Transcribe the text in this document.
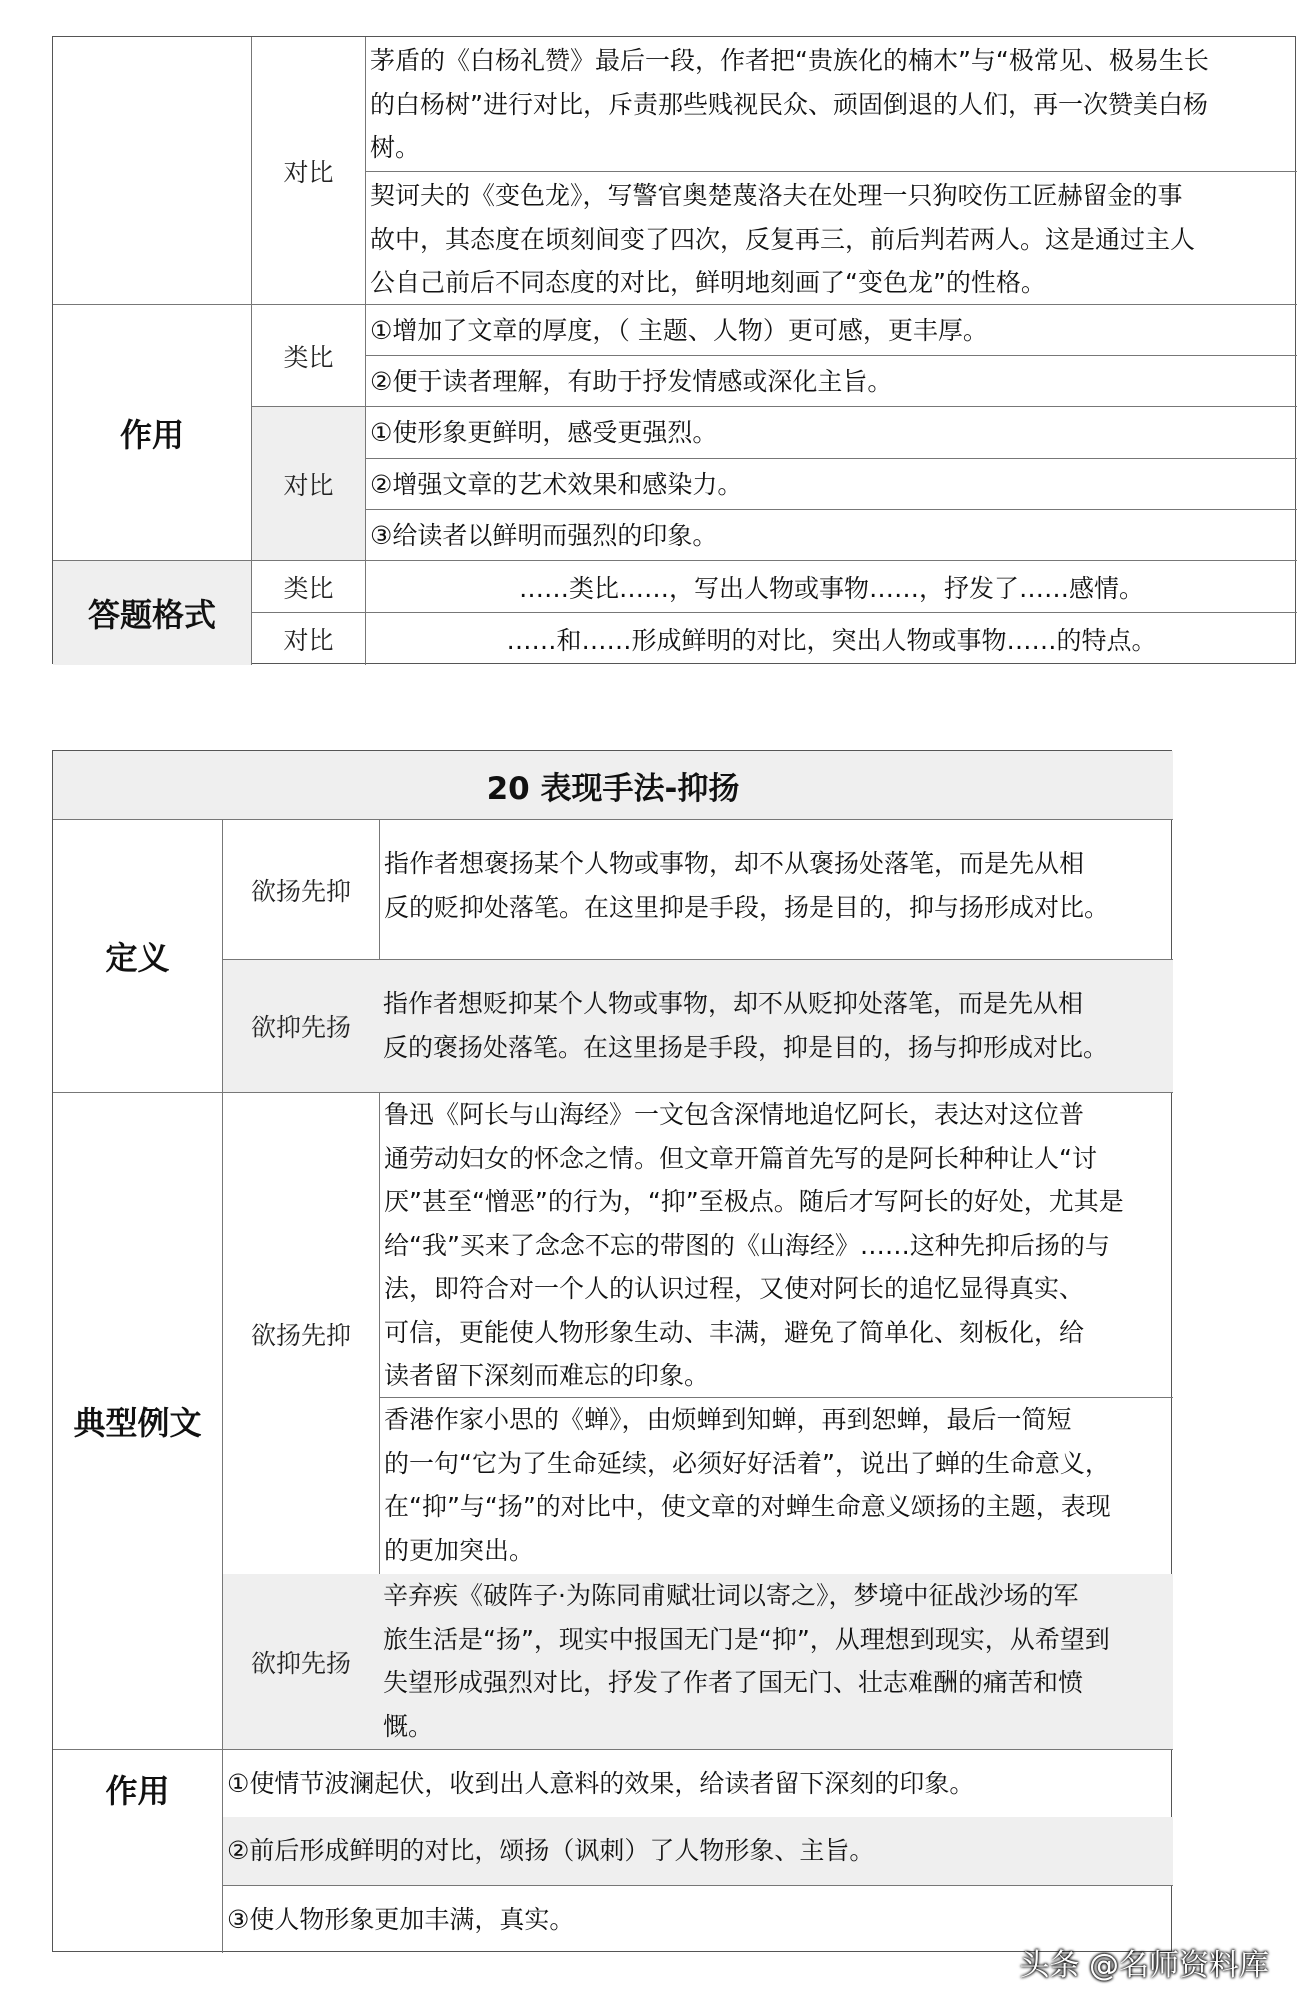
作用
答题格式
对比
类比
对比
类比
对比
茅盾的《白杨礼赞》最后一段，作者把“贵族化的楠木”与“极常见、极易生长
的白杨树”进行对比，斥责那些贱视民众、顽固倒退的人们，再一次赞美白杨
树。
契诃夫的《变色龙》，写警官奥楚蔑洛夫在处理一只狗咬伤工匠赫留金的事
故中，其态度在顷刻间变了四次，反复再三，前后判若两人。这是通过主人
公自己前后不同态度的对比，鲜明地刻画了“变色龙”的性格。
①增加了文章的厚度，（ 主题、人物）更可感，更丰厚。
②便于读者理解，有助于抒发情感或深化主旨。
①使形象更鲜明，感受更强烈。
②增强文章的艺术效果和感染力。
③给读者以鲜明而强烈的印象。
……类比……，写出人物或事物……，抒发了……感情。
……和……形成鲜明的对比，突出人物或事物……的特点。
20 表现手法-抑扬
定义
典型例文
作用
欲扬先抑
欲抑先扬
欲扬先抑
欲抑先扬
指作者想褒扬某个人物或事物，却不从褒扬处落笔，而是先从相
反的贬抑处落笔。在这里抑是手段，扬是目的，抑与扬形成对比。
指作者想贬抑某个人物或事物，却不从贬抑处落笔，而是先从相
反的褒扬处落笔。在这里扬是手段，抑是目的，扬与抑形成对比。
鲁迅《阿长与山海经》一文包含深情地追忆阿长，表达对这位普
通劳动妇女的怀念之情。但文章开篇首先写的是阿长种种让人“讨
厌”甚至“憎恶”的行为，“抑”至极点。随后才写阿长的好处，尤其是
给“我”买来了念念不忘的带图的《山海经》……这种先抑后扬的与
法，即符合对一个人的认识过程，又使对阿长的追忆显得真实、
可信，更能使人物形象生动、丰满，避免了简单化、刻板化，给
读者留下深刻而难忘的印象。
香港作家小思的《蝉》，由烦蝉到知蝉，再到恕蝉，最后一简短
的一句“它为了生命延续，必须好好活着”，说出了蝉的生命意义，
在“抑”与“扬”的对比中，使文章的对蝉生命意义颂扬的主题，表现
的更加突出。
辛弃疾《破阵子·为陈同甫赋壮词以寄之》，梦境中征战沙场的军
旅生活是“扬”，现实中报国无门是“抑”，从理想到现实，从希望到
失望形成强烈对比，抒发了作者了国无门、壮志难酬的痛苦和愤
慨。
①使情节波澜起伏，收到出人意料的效果，给读者留下深刻的印象。
②前后形成鲜明的对比，颂扬（讽刺）了人物形象、主旨。
③使人物形象更加丰满，真实。
头条 @名师资料库
